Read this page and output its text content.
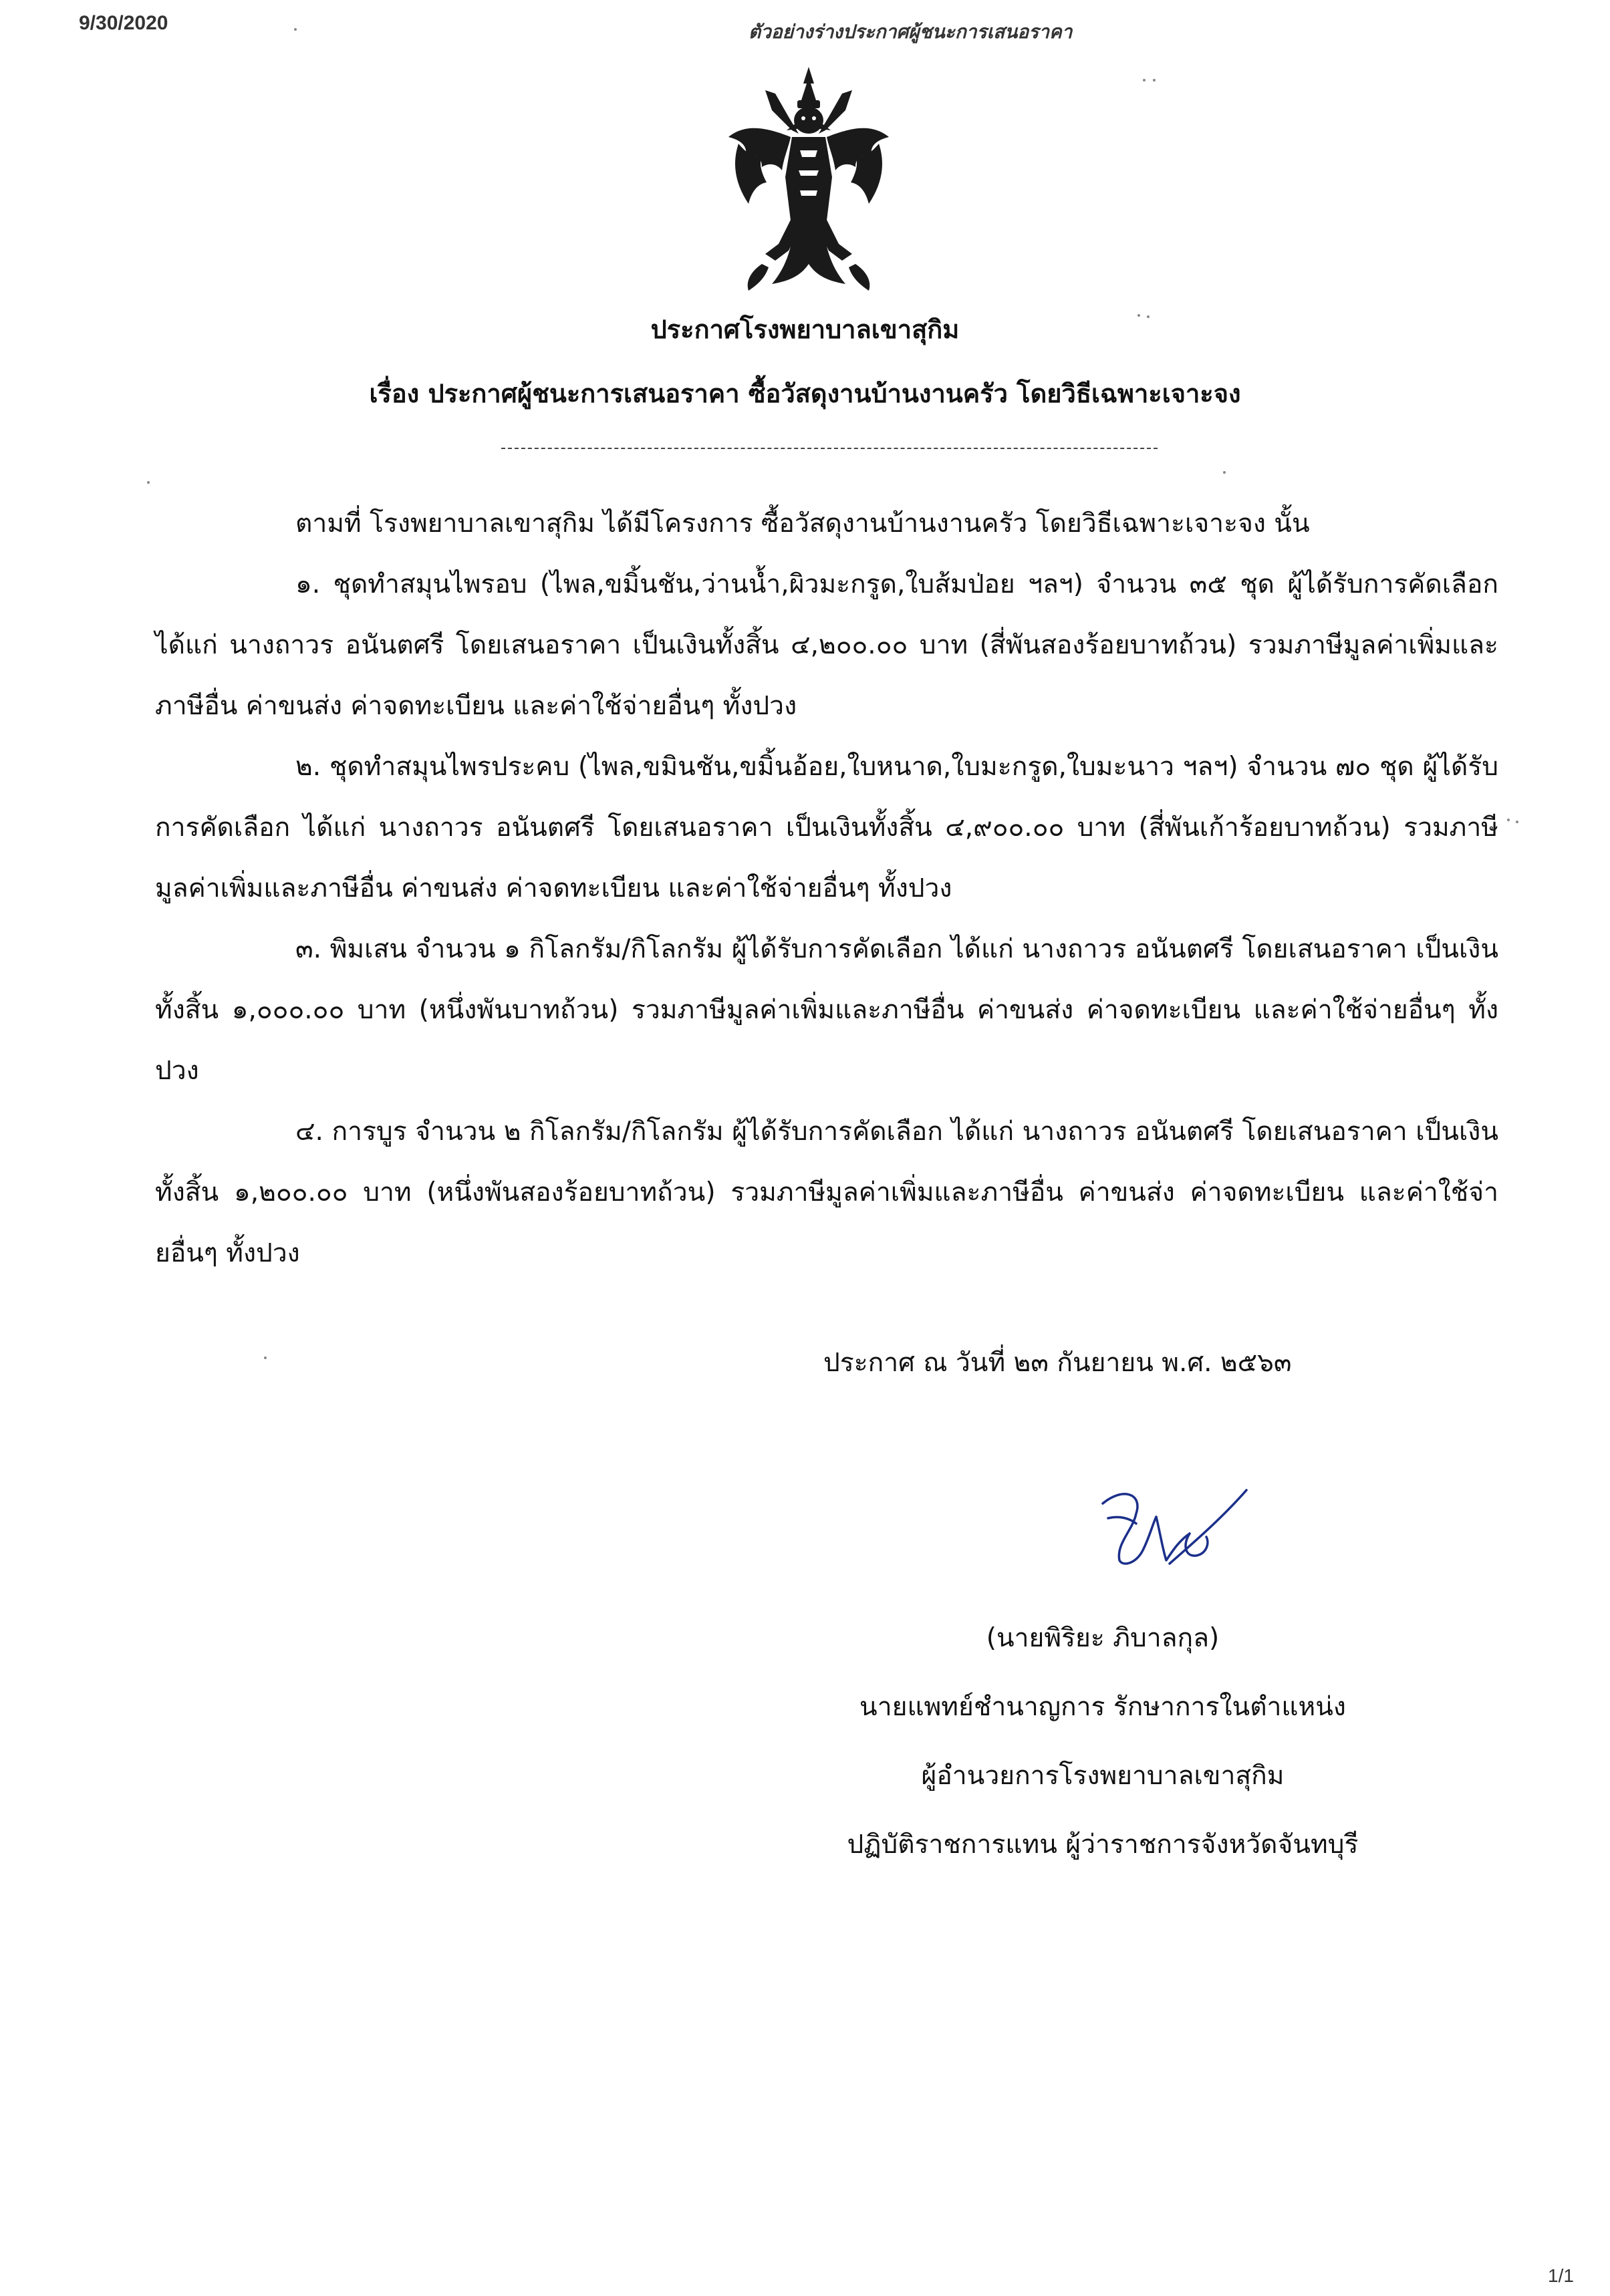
9/30/2020	ตัวอย่างร่างประกาศผู้ชนะการเสนอราคา
ประกาศโรงพยาบาลเขาสุกิม
เรื่อง ประกาศผู้ชนะการเสนอราคา ซื้อวัสดุงานบ้านงานครัว โดยวิธีเฉพาะเจาะจง

ตามที่ โรงพยาบาลเขาสุกิม ได้มีโครงการ ซื้อวัสดุงานบ้านงานครัว โดยวิธีเฉพาะเจาะจง นั้น

๑. ชุดทำสมุนไพรอบ (ไพล,ขมิ้นชัน,ว่านน้ำ,ผิวมะกรูด,ใบส้มป่อย ฯลฯ) จำนวน ๓๕ ชุด ผู้ได้รับการคัดเลือก ได้แก่ นางถาวร อนันตศรี โดยเสนอราคา เป็นเงินทั้งสิ้น ๔,๒๐๐.๐๐ บาท (สี่พันสองร้อยบาทถ้วน) รวมภาษีมูลค่าเพิ่มและภาษีอื่น ค่าขนส่ง ค่าจดทะเบียน และค่าใช้จ่ายอื่นๆ ทั้งปวง

๒. ชุดทำสมุนไพรประคบ (ไพล,ขมินชัน,ขมิ้นอ้อย,ใบหนาด,ใบมะกรูด,ใบมะนาว ฯลฯ) จำนวน ๗๐ ชุด ผู้ได้รับการคัดเลือก ได้แก่ นางถาวร อนันตศรี โดยเสนอราคา เป็นเงินทั้งสิ้น ๔,๙๐๐.๐๐ บาท (สี่พันเก้าร้อยบาทถ้วน) รวมภาษีมูลค่าเพิ่มและภาษีอื่น ค่าขนส่ง ค่าจดทะเบียน และค่าใช้จ่ายอื่นๆ ทั้งปวง

๓. พิมเสน จำนวน ๑ กิโลกรัม/กิโลกรัม ผู้ได้รับการคัดเลือก ได้แก่ นางถาวร อนันตศรี โดยเสนอราคา เป็นเงินทั้งสิ้น ๑,๐๐๐.๐๐ บาท (หนึ่งพันบาทถ้วน) รวมภาษีมูลค่าเพิ่มและภาษีอื่น ค่าขนส่ง ค่าจดทะเบียน และค่าใช้จ่ายอื่นๆ ทั้งปวง

๔. การบูร จำนวน ๒ กิโลกรัม/กิโลกรัม ผู้ได้รับการคัดเลือก ได้แก่ นางถาวร อนันตศรี โดยเสนอราคา เป็นเงินทั้งสิ้น ๑,๒๐๐.๐๐ บาท (หนึ่งพันสองร้อยบาทถ้วน) รวมภาษีมูลค่าเพิ่มและภาษีอื่น ค่าขนส่ง ค่าจดทะเบียน และค่าใช้จ่ายอื่นๆ ทั้งปวง

ประกาศ ณ วันที่ ๒๓ กันยายน พ.ศ. ๒๕๖๓
(นายพิริยะ ภิบาลกุล)
นายแพทย์ชำนาญการ รักษาการในตำแหน่ง
ผู้อำนวยการโรงพยาบาลเขาสุกิม
ปฏิบัติราชการแทน ผู้ว่าราชการจังหวัดจันทบุรี
1/1
